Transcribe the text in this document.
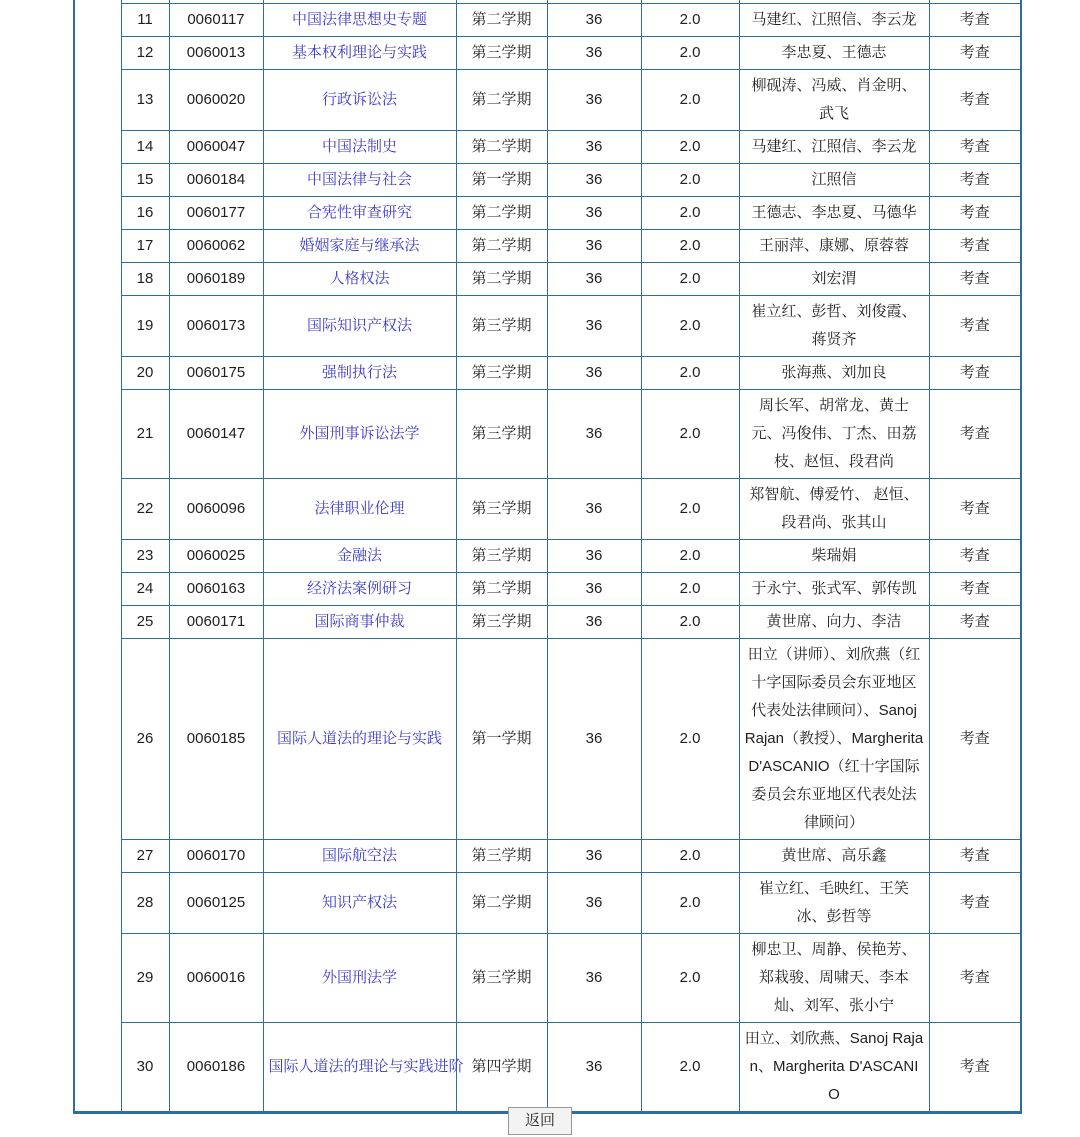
	11	0060117	中国法律思想史专题	第二学期	36	2.0	马建红、江照信、李云龙	考查
	12	0060013	基本权利理论与实践	第三学期	36	2.0	李忠夏、王德志	考查
	13	0060020	行政诉讼法	第二学期	36	2.0	柳砚涛、冯威、肖金明、武飞	考查
	14	0060047	中国法制史	第二学期	36	2.0	马建红、江照信、李云龙	考查
	15	0060184	中国法律与社会	第一学期	36	2.0	江照信	考查
	16	0060177	合宪性审查研究	第二学期	36	2.0	王德志、李忠夏、马德华	考查
	17	0060062	婚姻家庭与继承法	第二学期	36	2.0	王丽萍、康娜、原蓉蓉	考查
	18	0060189	人格权法	第二学期	36	2.0	刘宏渭	考查
	19	0060173	国际知识产权法	第三学期	36	2.0	崔立红、彭哲、刘俊霞、蒋贤齐	考查
	20	0060175	强制执行法	第三学期	36	2.0	张海燕、刘加良	考查
	21	0060147	外国刑事诉讼法学	第三学期	36	2.0	周长军、胡常龙、黄士元、冯俊伟、丁杰、田荔枝、赵恒、段君尚	考查
	22	0060096	法律职业伦理	第三学期	36	2.0	郑智航、傅爱竹、 赵恒、段君尚、张其山	考查
	23	0060025	金融法	第三学期	36	2.0	柴瑞娟	考查
	24	0060163	经济法案例研习	第二学期	36	2.0	于永宁、张式军、郭传凯	考查
	25	0060171	国际商事仲裁	第三学期	36	2.0	黄世席、向力、李洁	考查
	26	0060185	国际人道法的理论与实践	第一学期	36	2.0	田立（讲师）、刘欣燕（红十字国际委员会东亚地区代表处法律顾问）、Sanoj Rajan（教授）、Margherita D'ASCANIO（红十字国际委员会东亚地区代表处法律顾问）	考查
	27	0060170	国际航空法	第三学期	36	2.0	黄世席、高乐鑫	考查
	28	0060125	知识产权法	第二学期	36	2.0	崔立红、毛映红、王笑冰、彭哲等	考查
	29	0060016	外国刑法学	第三学期	36	2.0	柳忠卫、周静、侯艳芳、郑栽骏、周啸天、李本灿、刘军、张小宁	考查
	30	0060186	国际人道法的理论与实践进阶	第四学期	36	2.0	田立、刘欣燕、Sanoj Rajan、Margherita D'ASCANIO	考查
返回
